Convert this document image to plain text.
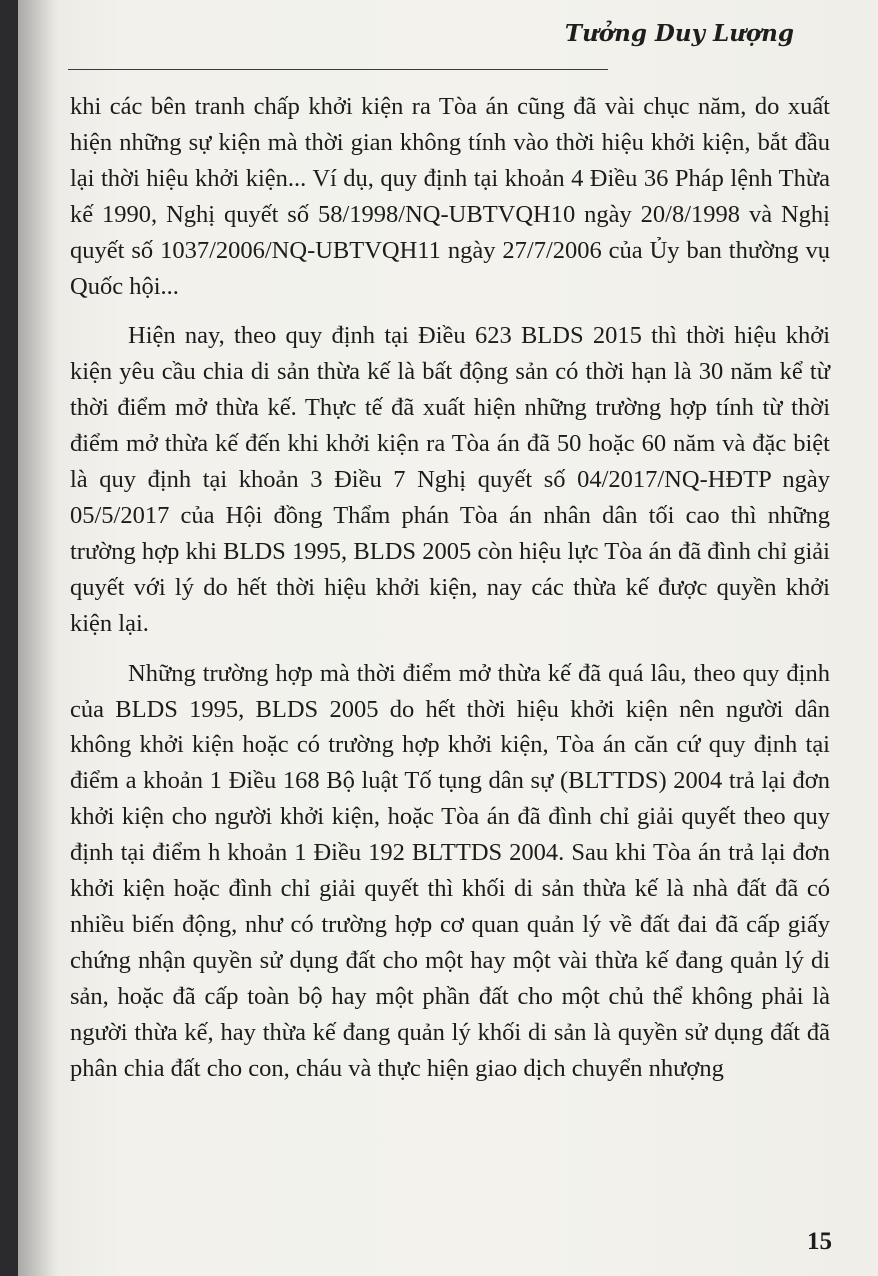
Tưởng Duy Lượng

khi các bên tranh chấp khởi kiện ra Tòa án cũng đã vài chục năm, do xuất hiện những sự kiện mà thời gian không tính vào thời hiệu khởi kiện, bắt đầu lại thời hiệu khởi kiện... Ví dụ, quy định tại khoản 4 Điều 36 Pháp lệnh Thừa kế 1990, Nghị quyết số 58/1998/NQ-UBTVQH10 ngày 20/8/1998 và Nghị quyết số 1037/2006/NQ-UBTVQH11 ngày 27/7/2006 của Ủy ban thường vụ Quốc hội...

Hiện nay, theo quy định tại Điều 623 BLDS 2015 thì thời hiệu khởi kiện yêu cầu chia di sản thừa kế là bất động sản có thời hạn là 30 năm kể từ thời điểm mở thừa kế. Thực tế đã xuất hiện những trường hợp tính từ thời điểm mở thừa kế đến khi khởi kiện ra Tòa án đã 50 hoặc 60 năm và đặc biệt là quy định tại khoản 3 Điều 7 Nghị quyết số 04/2017/NQ-HĐTP ngày 05/5/2017 của Hội đồng Thẩm phán Tòa án nhân dân tối cao thì những trường hợp khi BLDS 1995, BLDS 2005 còn hiệu lực Tòa án đã đình chỉ giải quyết với lý do hết thời hiệu khởi kiện, nay các thừa kế được quyền khởi kiện lại.

Những trường hợp mà thời điểm mở thừa kế đã quá lâu, theo quy định của BLDS 1995, BLDS 2005 do hết thời hiệu khởi kiện nên người dân không khởi kiện hoặc có trường hợp khởi kiện, Tòa án căn cứ quy định tại điểm a khoản 1 Điều 168 Bộ luật Tố tụng dân sự (BLTTDS) 2004 trả lại đơn khởi kiện cho người khởi kiện, hoặc Tòa án đã đình chỉ giải quyết theo quy định tại điểm h khoản 1 Điều 192 BLTTDS 2004. Sau khi Tòa án trả lại đơn khởi kiện hoặc đình chỉ giải quyết thì khối di sản thừa kế là nhà đất đã có nhiều biến động, như có trường hợp cơ quan quản lý về đất đai đã cấp giấy chứng nhận quyền sử dụng đất cho một hay một vài thừa kế đang quản lý di sản, hoặc đã cấp toàn bộ hay một phần đất cho một chủ thể không phải là người thừa kế, hay thừa kế đang quản lý khối di sản là quyền sử dụng đất đã phân chia đất cho con, cháu và thực hiện giao dịch chuyển nhượng

15
